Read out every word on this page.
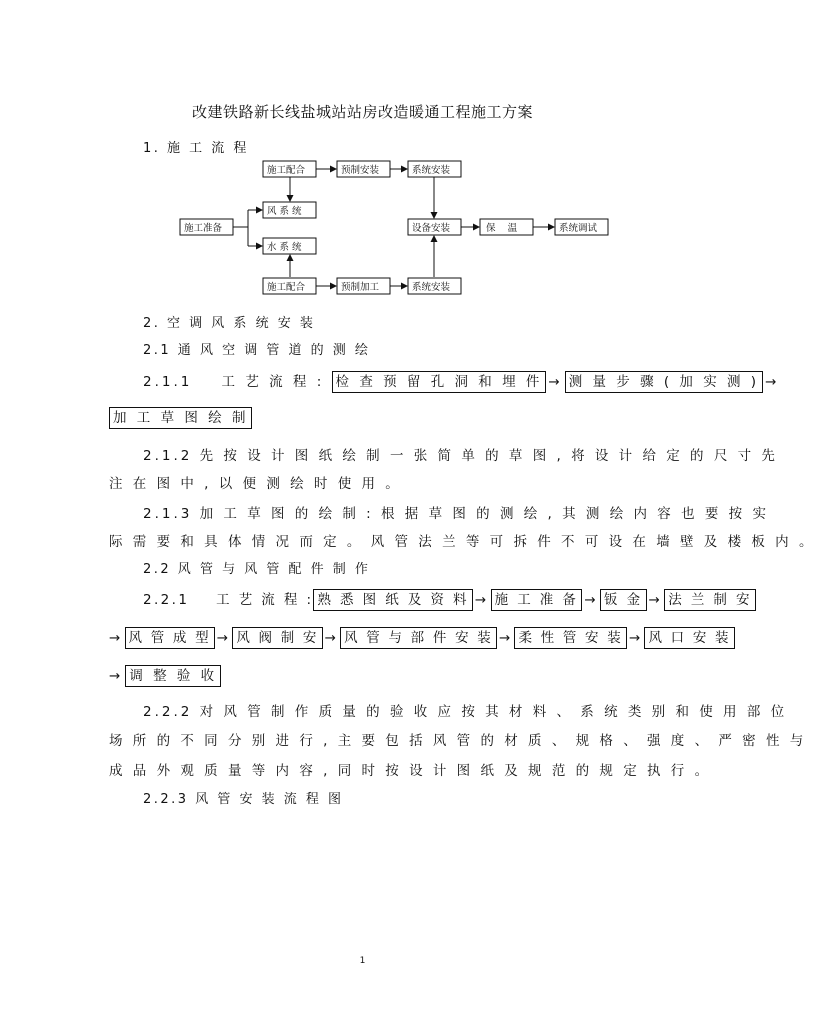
改建铁路新长线盐城站站房改造暖通工程施工方案
1. 施 工 流 程
施工配合	预制安装	系统安装
施工准备
风 系 统
水 系 统
设备安装	保    温	系统调试
施工配合	预制加工	系统安装
2. 空 调 风 系 统 安 装
2.1 通 风 空 调 管 道 的 测 绘
2.1.1 工 艺 流 程 : 检 查 预 留 孔 洞 和 埋 件 → 测 量 步 骤 ( 加 实 测 ) →
加 工 草 图 绘 制
2.1.2 先 按 设 计 图 纸 绘 制 一 张 简 单 的 草 图 , 将 设 计 给 定 的 尺 寸 先
注 在 图 中 , 以 便 测 绘 时 使 用 。
2.1.3 加 工 草 图 的 绘 制 : 根 据 草 图 的 测 绘 , 其 测 绘 内 容 也 要 按 实
际 需 要 和 具 体 情 况 而 定 。 风 管 法 兰 等 可 拆 件 不 可 设 在 墙 壁 及 楼 板 内 。
2.2 风 管 与 风 管 配 件 制 作
2.2.1 工 艺 流 程 : 熟 悉 图 纸 及 资 料 → 施 工 准 备 → 钣 金 → 法 兰 制 安
→ 风 管 成 型 → 风 阀 制 安 → 风 管 与 部 件 安 装 → 柔 性 管 安 装 → 风 口 安 装
→ 调 整 验 收
2.2.2 对 风 管 制 作 质 量 的 验 收 应 按 其 材 料 、 系 统 类 别 和 使 用 部 位
场 所 的 不 同 分 别 进 行 , 主 要 包 括 风 管 的 材 质 、 规 格 、 强 度 、 严 密 性 与
成 品 外 观 质 量 等 内 容 , 同 时 按 设 计 图 纸 及 规 范 的 规 定 执 行 。
2.2.3 风 管 安 装 流 程 图
1
